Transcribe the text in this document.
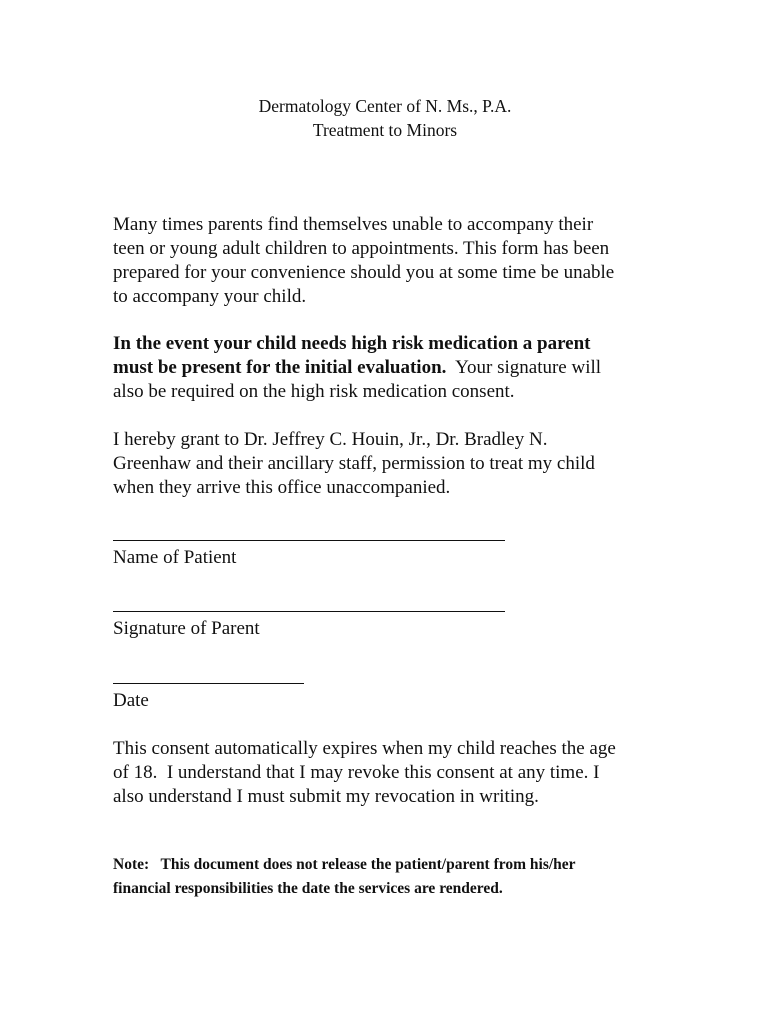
Dermatology Center of N. Ms., P.A.
Treatment to Minors
Many times parents find themselves unable to accompany their
teen or young adult children to appointments. This form has been
prepared for your convenience should you at some time be unable
to accompany your child.
In the event your child needs high risk medication a parent
must be present for the initial evaluation.  Your signature will
also be required on the high risk medication consent.
I hereby grant to Dr. Jeffrey C. Houin, Jr., Dr. Bradley N.
Greenhaw and their ancillary staff, permission to treat my child
when they arrive this office unaccompanied.
Name of Patient
Signature of Parent
Date
This consent automatically expires when my child reaches the age
of 18.  I understand that I may revoke this consent at any time. I
also understand I must submit my revocation in writing.
Note:   This document does not release the patient/parent from his/her
financial responsibilities the date the services are rendered.
